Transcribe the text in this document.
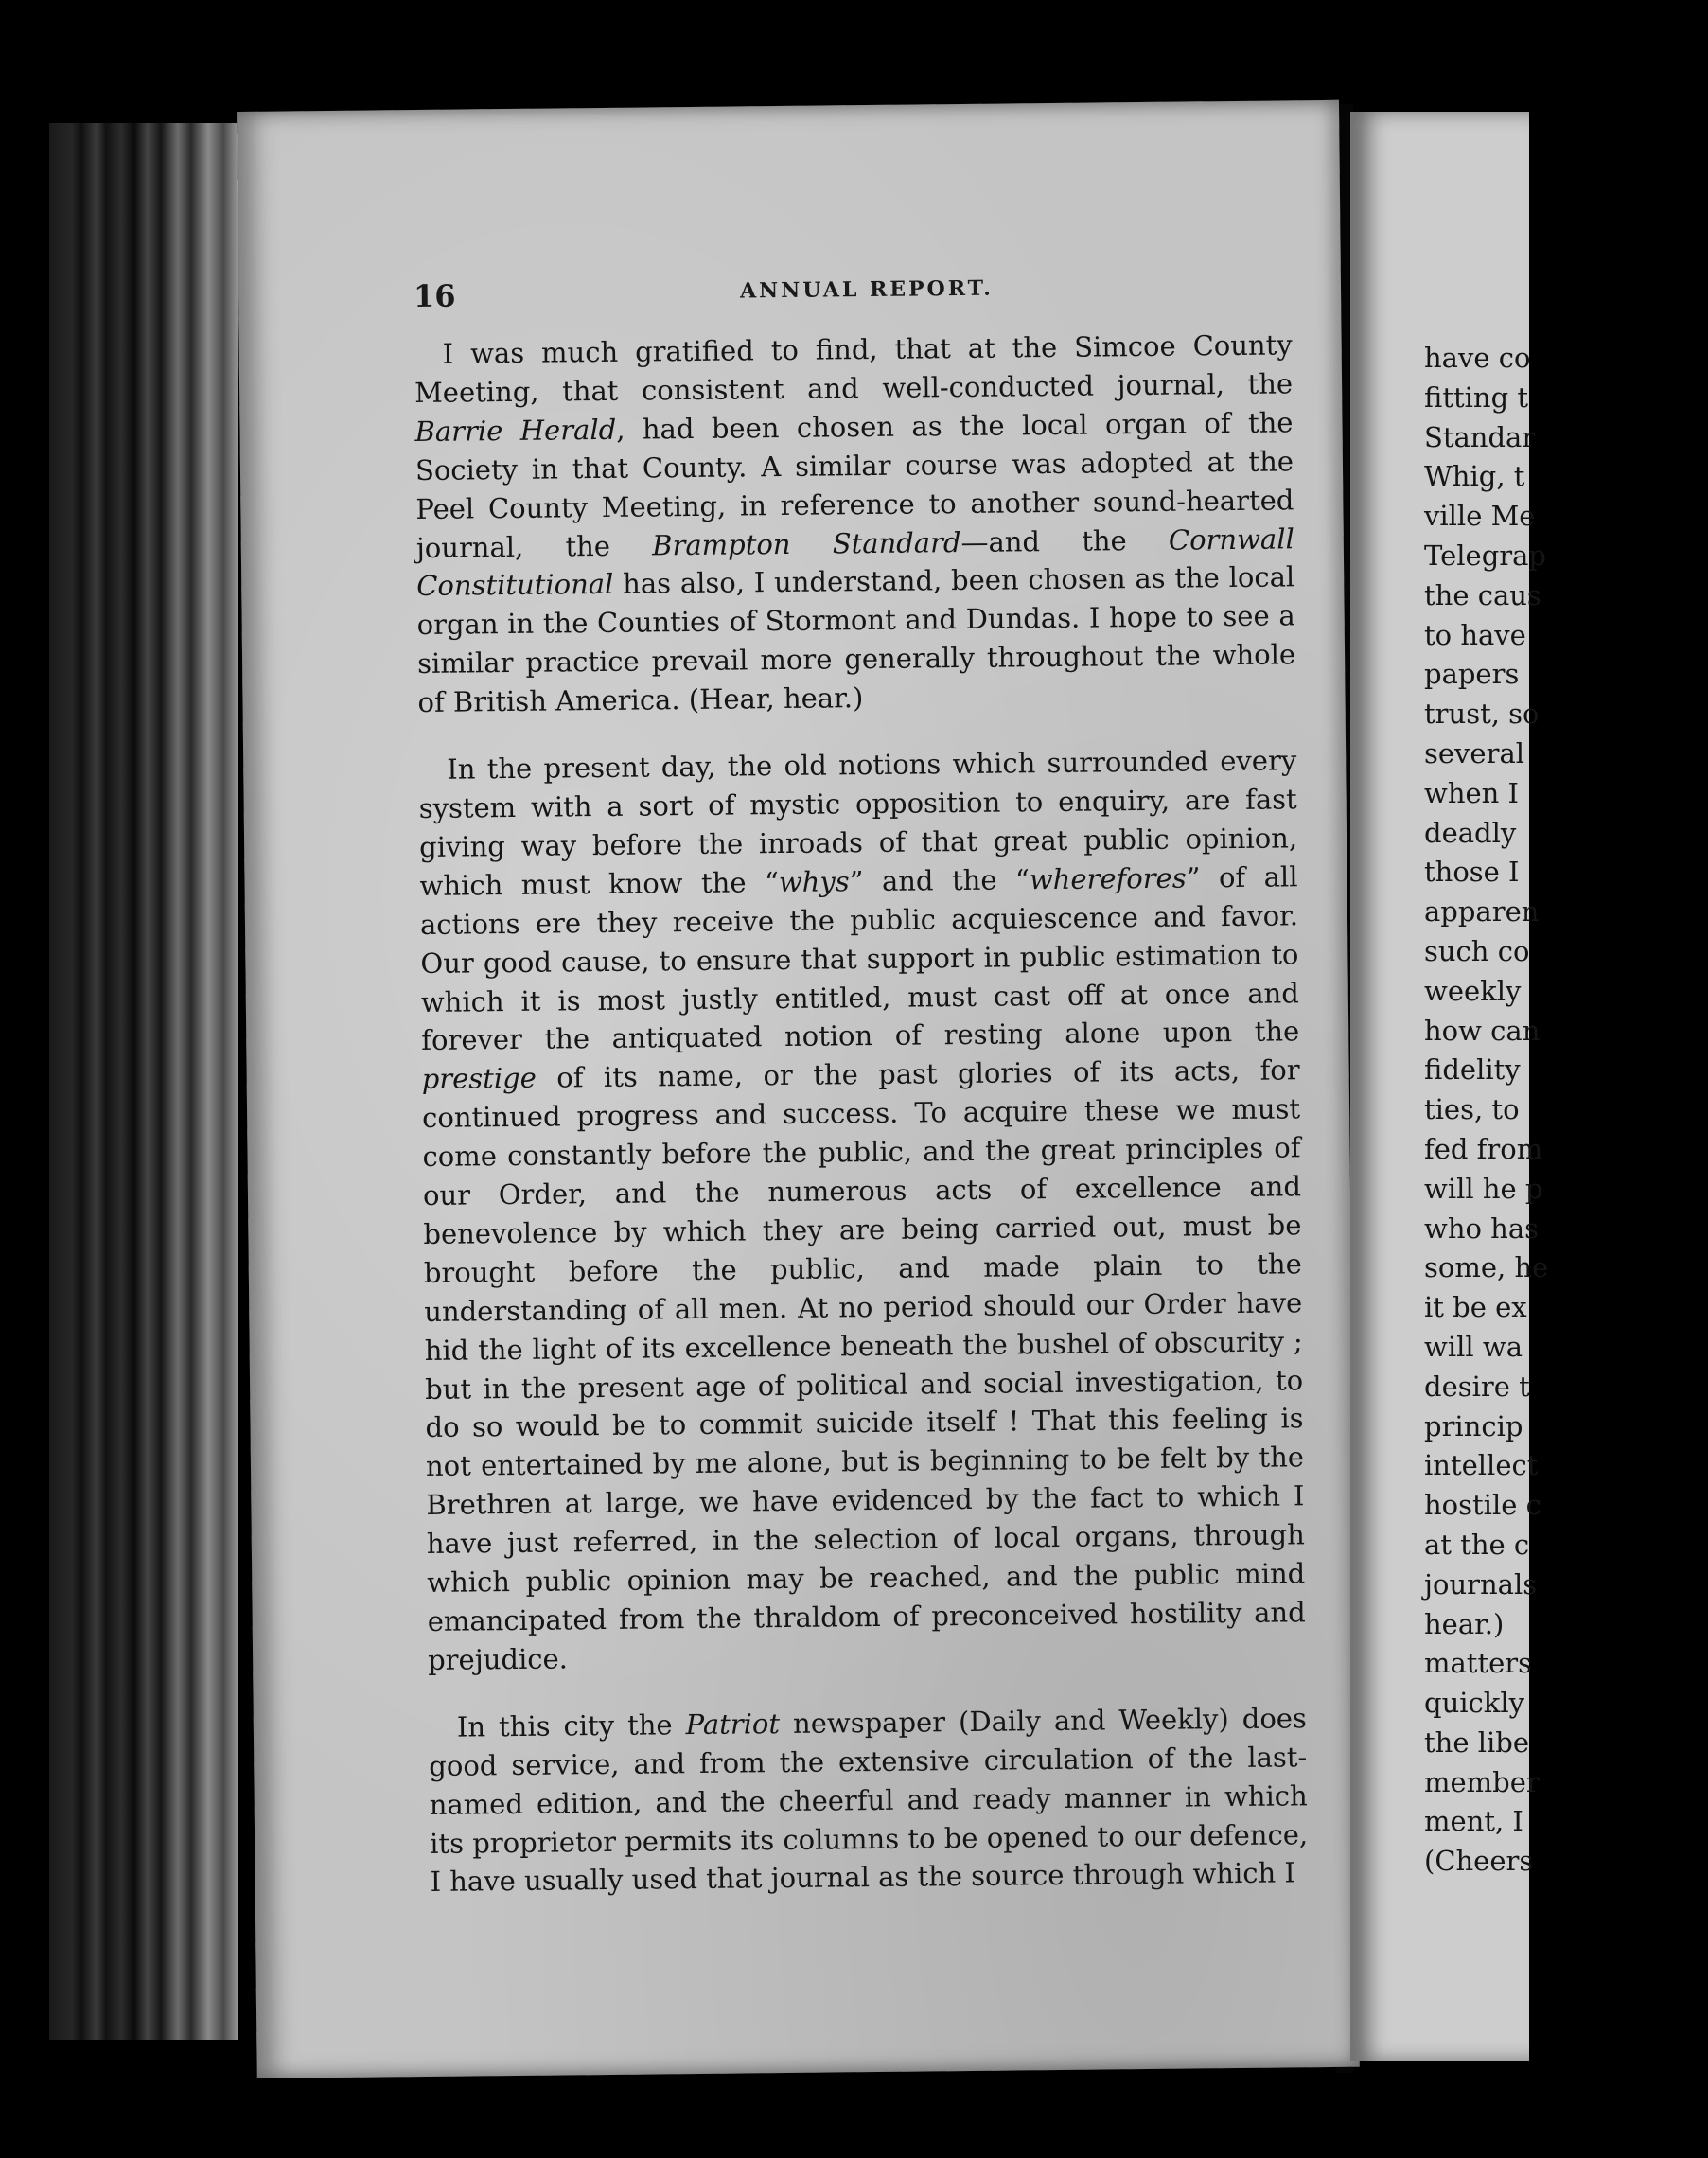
16	ANNUAL REPORT.

I was much gratified to find, that at the Simcoe County Meeting, that consistent and well-conducted journal, the Barrie Herald, had been chosen as the local organ of the Society in that County. A similar course was adopted at the Peel County Meeting, in reference to another sound-hearted journal, the Brampton Standard—and the Cornwall Constitutional has also, I understand, been chosen as the local organ in the Counties of Stormont and Dundas. I hope to see a similar practice prevail more generally throughout the whole of British America. (Hear, hear.)

In the present day, the old notions which surrounded every system with a sort of mystic opposition to enquiry, are fast giving way before the inroads of that great public opinion, which must know the “whys” and the “wherefores” of all actions ere they receive the public acquiescence and favor. Our good cause, to ensure that support in public estimation to which it is most justly entitled, must cast off at once and forever the antiquated notion of resting alone upon the prestige of its name, or the past glories of its acts, for continued progress and success. To acquire these we must come constantly before the public, and the great principles of our Order, and the numerous acts of excellence and benevolence by which they are being carried out, must be brought before the public, and made plain to the understanding of all men. At no period should our Order have hid the light of its excellence beneath the bushel of obscurity ; but in the present age of political and social investigation, to do so would be to commit suicide itself ! That this feeling is not entertained by me alone, but is beginning to be felt by the Brethren at large, we have evidenced by the fact to which I have just referred, in the selection of local organs, through which public opinion may be reached, and the public mind emancipated from the thraldom of preconceived hostility and prejudice.

In this city the Patriot newspaper (Daily and Weekly) does good service, and from the extensive circulation of the last-named edition, and the cheerful and ready manner in which its proprietor permits its columns to be opened to our defence, I have usually used that journal as the source through which I

have co
fitting t
Standar
Whig, t
ville Me
Telegrap
the caus
to have
papers
trust, so
several
when I
deadly
those I
apparen
such co
weekly
how can
fidelity
ties, to
fed from
will he p
who has
some, he
it be ex
will wa
desire t
princip
intellect
hostile c
at the c
journals
hear.)
matters
quickly
the libe
member
ment, I
(Cheers
